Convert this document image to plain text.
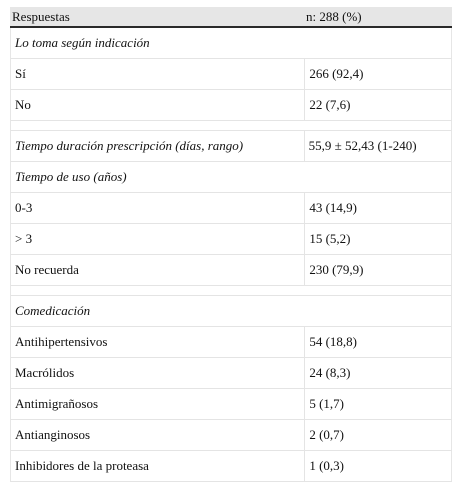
Respuestas	n: 288 (%)
Lo toma según indicación
Sí	266 (92,4)
No	22 (7,6)
Tiempo duración prescripción (días, rango)	55,9 ± 52,43 (1-240)
Tiempo de uso (años)
0-3	43 (14,9)
> 3	15 (5,2)
No recuerda	230 (79,9)
Comedicación
Antihipertensivos	54 (18,8)
Macrólidos	24 (8,3)
Antimigrañosos	5 (1,7)
Antianginosos	2 (0,7)
Inhibidores de la proteasa	1 (0,3)
